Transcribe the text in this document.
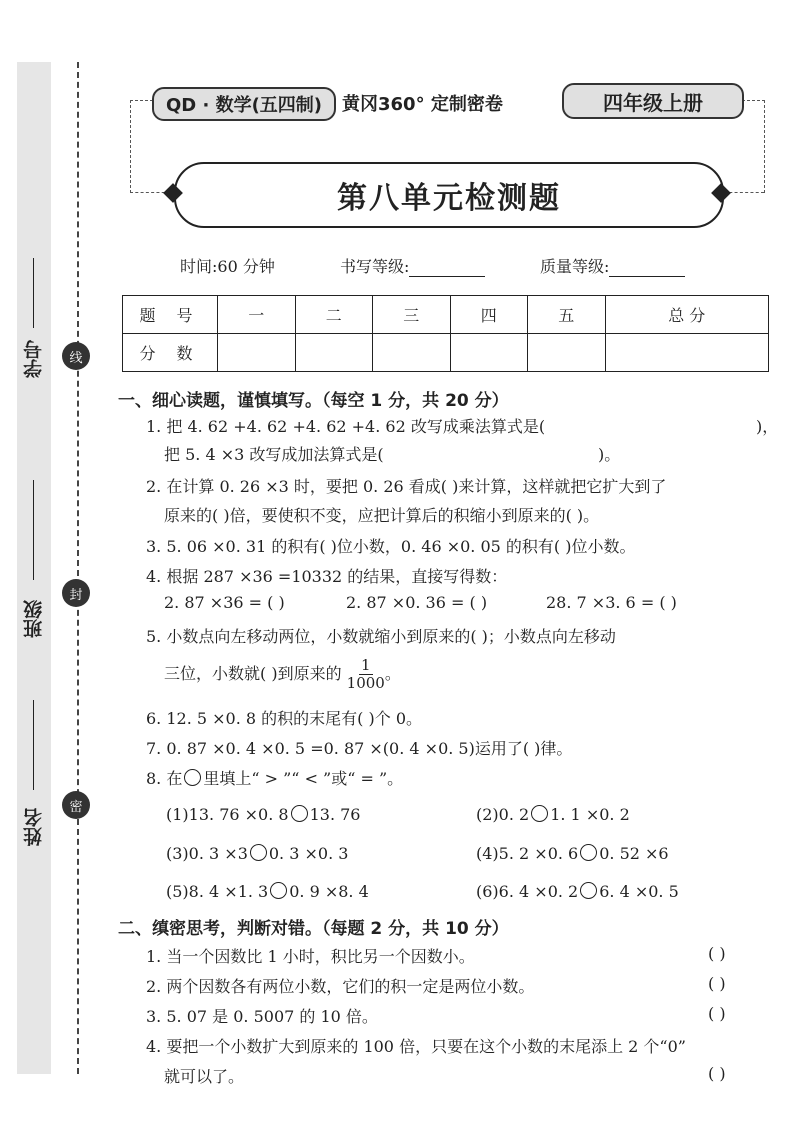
学号
班级
姓名
线
封
密
QD · 数学(五四制)	黄冈360° 定制密卷	四年级上册
第八单元检测题
时间:60 分钟	书写等级:	质量等级:
题 号	一	二	三	四	五	总 分
分 数						
一、细心读题，谨慎填写。（每空 1 分，共 20 分）
1. 把 4. 62 +4. 62 +4. 62 +4. 62 改写成乘法算式是(	)，
把 5. 4 ×3 改写成加法算式是(	)。
2. 在计算 0. 26 ×3 时，要把 0. 26 看成( )来计算，这样就把它扩大到了
原来的( )倍，要使积不变，应把计算后的积缩小到原来的( )。
3. 5. 06 ×0. 31 的积有( )位小数，0. 46 ×0. 05 的积有( )位小数。
4. 根据 287 ×36 =10332 的结果，直接写得数：
2. 87 ×36 = ( )	2. 87 ×0. 36 = ( )	28. 7 ×3. 6 = ( )
5. 小数点向左移动两位，小数就缩小到原来的( )；小数点向左移动
三位，小数就( )到原来的 $\frac{1}{1000}$ 。
6. 12. 5 ×0. 8 的积的末尾有( )个 0。
7. 0. 87 ×0. 4 ×0. 5 =0. 87 ×(0. 4 ×0. 5)运用了( )律。
8. 在 里填上“ > ”“ < ”或“ = ”。
(1)13. 76 ×0. 8 13. 76	(2)0. 2 1. 1 ×0. 2
(3)0. 3 ×3 0. 3 ×0. 3	(4)5. 2 ×0. 6 0. 52 ×6
(5)8. 4 ×1. 3 0. 9 ×8. 4	(6)6. 4 ×0. 2 6. 4 ×0. 5
二、缜密思考，判断对错。（每题 2 分，共 10 分）
1. 当一个因数比 1 小时，积比另一个因数小。	( )
2. 两个因数各有两位小数，它们的积一定是两位小数。	( )
3. 5. 07 是 0. 5007 的 10 倍。	( )
4. 要把一个小数扩大到原来的 100 倍，只要在这个小数的末尾添上 2 个“0”
就可以了。	( )
